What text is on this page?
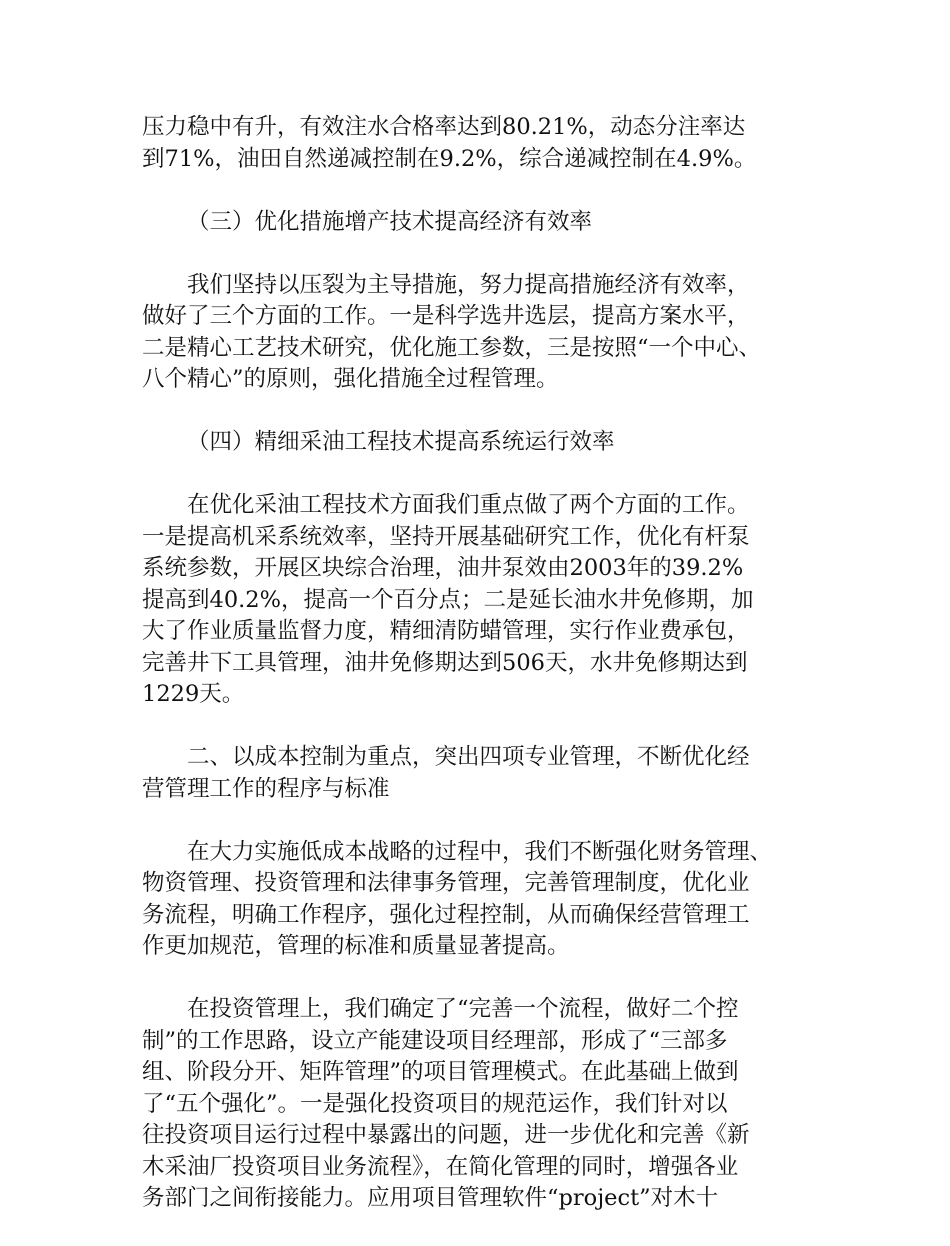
压力稳中有升，有效注水合格率达到80.21%，动态分注率达
到71%，油田自然递减控制在9.2%，综合递减控制在4.9%。
（三）优化措施增产技术提高经济有效率
我们坚持以压裂为主导措施，努力提高措施经济有效率，
做好了三个方面的工作。一是科学选井选层，提高方案水平，
二是精心工艺技术研究，优化施工参数，三是按照“一个中心、
八个精心”的原则，强化措施全过程管理。
（四）精细采油工程技术提高系统运行效率
在优化采油工程技术方面我们重点做了两个方面的工作。
一是提高机采系统效率，坚持开展基础研究工作，优化有杆泵
系统参数，开展区块综合治理，油井泵效由2003年的39.2%
提高到40.2%，提高一个百分点；二是延长油水井免修期，加
大了作业质量监督力度，精细清防蜡管理，实行作业费承包，
完善井下工具管理，油井免修期达到506天，水井免修期达到
1229天。
二、以成本控制为重点，突出四项专业管理，不断优化经
营管理工作的程序与标准
在大力实施低成本战略的过程中，我们不断强化财务管理、
物资管理、投资管理和法律事务管理，完善管理制度，优化业
务流程，明确工作程序，强化过程控制，从而确保经营管理工
作更加规范，管理的标准和质量显著提高。
在投资管理上，我们确定了“完善一个流程，做好二个控
制”的工作思路，设立产能建设项目经理部，形成了“三部多
组、阶段分开、矩阵管理”的项目管理模式。在此基础上做到
了“五个强化”。一是强化投资项目的规范运作，我们针对以
往投资项目运行过程中暴露出的问题，进一步优化和完善《新
木采油厂投资项目业务流程》，在简化管理的同时，增强各业
务部门之间衔接能力。应用项目管理软件“project”对木十
